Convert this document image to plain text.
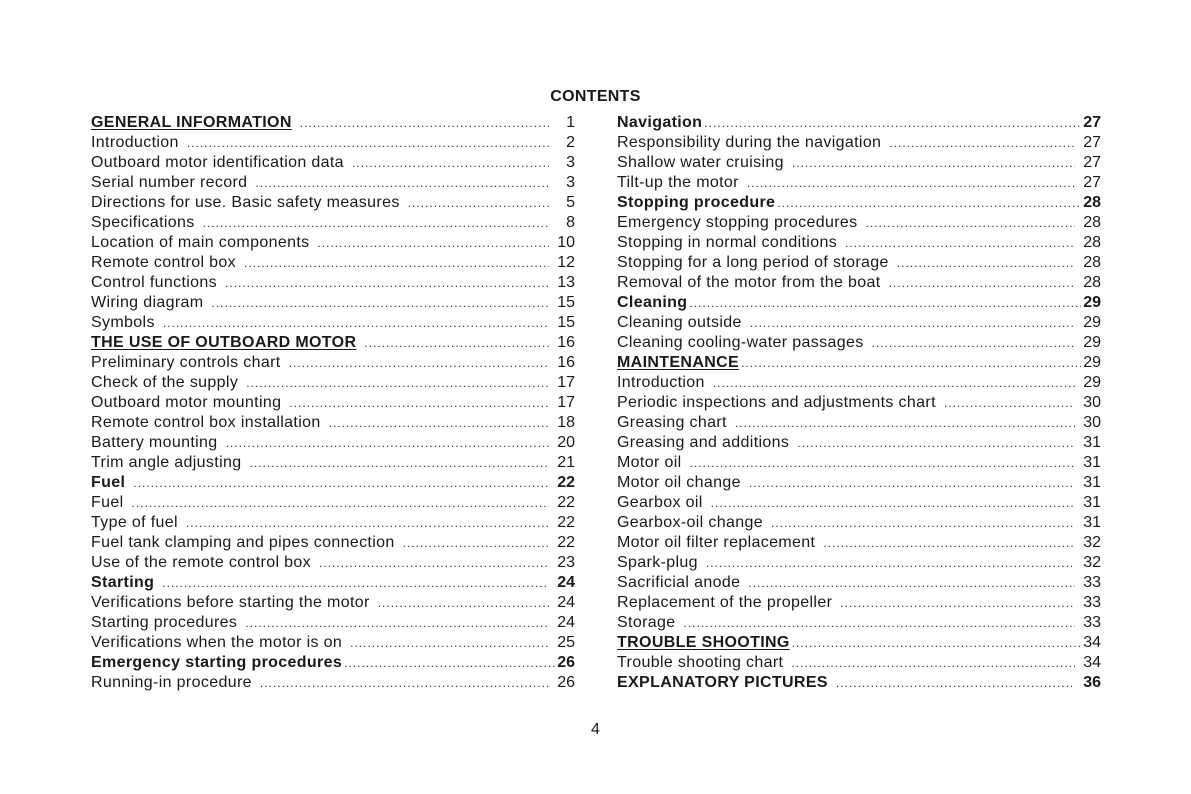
CONTENTS
GENERAL INFORMATION .....	1
Introduction .....	2
Outboard motor identification data .....	3
Serial number record .....	3
Directions for use. Basic safety measures .....	5
Specifications .....	8
Location of main components .....	10
Remote control box .....	12
Control functions .....	13
Wiring diagram .....	15
Symbols .....	15
THE USE OF OUTBOARD MOTOR .....	16
Preliminary controls chart .....	16
Check of the supply .....	17
Outboard motor mounting .....	17
Remote control box installation .....	18
Battery mounting .....	20
Trim angle adjusting .....	21
Fuel .....	22
Fuel .....	22
Type of fuel .....	22
Fuel tank clamping and pipes connection .....	22
Use of the remote control box .....	23
Starting .....	24
Verifications before starting the motor .....	24
Starting procedures .....	24
Verifications when the motor is on .....	25
Emergency starting procedures .....	26
Running-in procedure .....	26
Navigation .....	27
Responsibility during the navigation .....	27
Shallow water cruising .....	27
Tilt-up the motor .....	27
Stopping procedure .....	28
Emergency stopping procedures .....	28
Stopping in normal conditions .....	28
Stopping for a long period of storage .....	28
Removal of the motor from the boat .....	28
Cleaning .....	29
Cleaning outside .....	29
Cleaning cooling-water passages .....	29
MAINTENANCE .....	29
Introduction .....	29
Periodic inspections and adjustments chart .....	30
Greasing chart .....	30
Greasing and additions .....	31
Motor oil .....	31
Motor oil change .....	31
Gearbox oil .....	31
Gearbox-oil change .....	31
Motor oil filter replacement .....	32
Spark-plug .....	32
Sacrificial anode .....	33
Replacement of the propeller .....	33
Storage .....	33
TROUBLE SHOOTING .....	34
Trouble shooting chart .....	34
EXPLANATORY PICTURES .....	36
4
